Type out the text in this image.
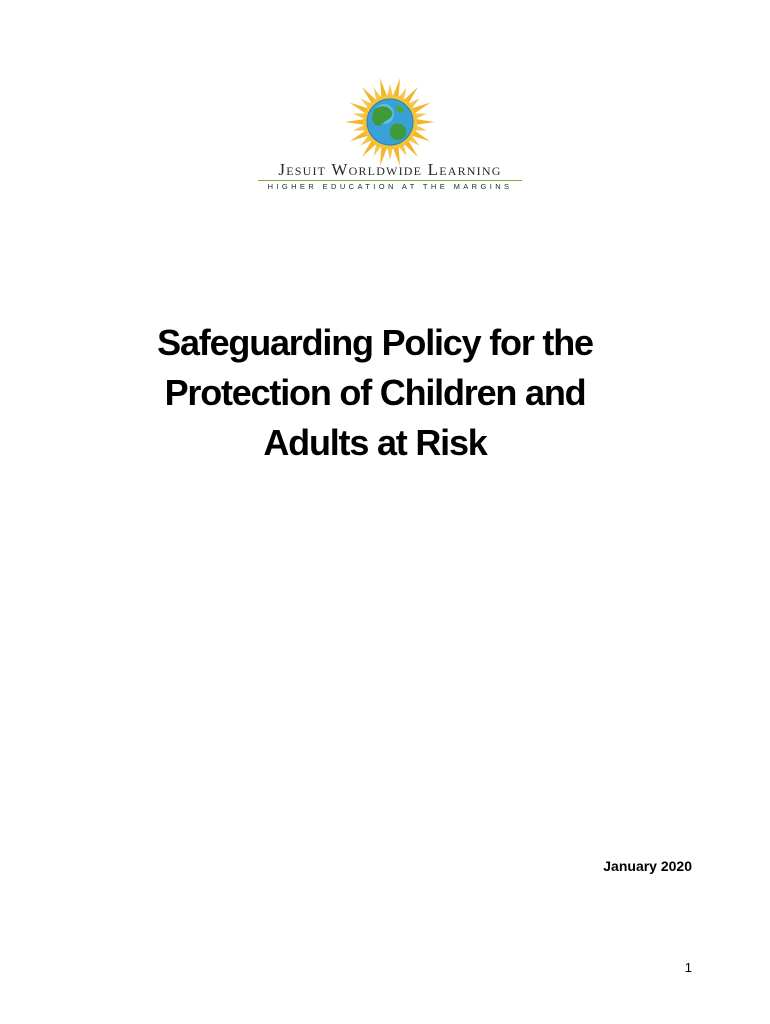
Jesuit Worldwide Learning
HIGHER EDUCATION AT THE MARGINS
Safeguarding Policy for the
Protection of Children and
Adults at Risk
January 2020
1
